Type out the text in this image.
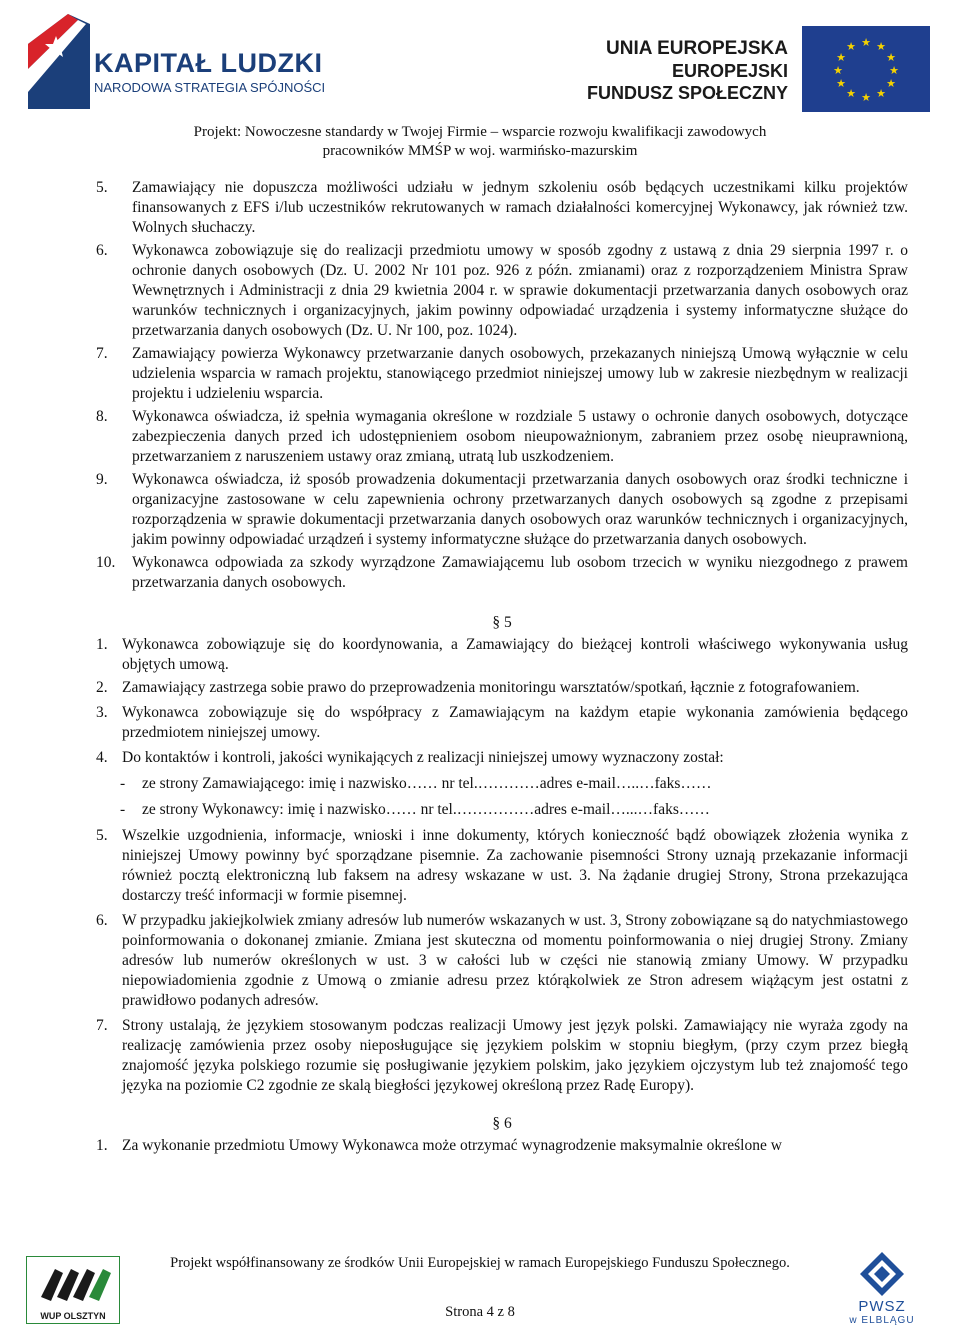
KAPITAŁ LUDZKI
NARODOWA STRATEGIA SPÓJNOŚCI
UNIA EUROPEJSKA
EUROPEJSKI
FUNDUSZ SPOŁECZNY
★ ★
★
★
★
★
★
★
★
★
★
★
Projekt: Nowoczesne standardy w Twojej Firmie – wsparcie rozwoju kwalifikacji zawodowych
pracowników MMŚP w woj. warmińsko-mazurskim
5. Zamawiający nie dopuszcza możliwości udziału w jednym szkoleniu osób będących uczestnikami kilku projektów finansowanych z EFS i/lub uczestników rekrutowanych w ramach działalności komercyjnej Wykonawcy, jak również tzw. Wolnych słuchaczy.
6. Wykonawca zobowiązuje się do realizacji przedmiotu umowy w sposób zgodny z ustawą z dnia 29 sierpnia 1997 r. o ochronie danych osobowych (Dz. U. 2002 Nr 101 poz. 926 z późn. zmianami) oraz z rozporządzeniem Ministra Spraw Wewnętrznych i Administracji z dnia 29 kwietnia 2004 r. w sprawie dokumentacji przetwarzania danych osobowych oraz warunków technicznych i organizacyjnych, jakim powinny odpowiadać urządzenia i systemy informatyczne służące do przetwarzania danych osobowych (Dz. U. Nr 100, poz. 1024).
7. Zamawiający powierza Wykonawcy przetwarzanie danych osobowych, przekazanych niniejszą Umową wyłącznie w celu udzielenia wsparcia w ramach projektu, stanowiącego przedmiot niniejszej umowy lub w zakresie niezbędnym w realizacji projektu i udzieleniu wsparcia.
8. Wykonawca oświadcza, iż spełnia wymagania określone w rozdziale 5 ustawy o ochronie danych osobowych, dotyczące zabezpieczenia danych przed ich udostępnieniem osobom nieupoważnionym, zabraniem przez osobę nieuprawnioną, przetwarzaniem z naruszeniem ustawy oraz zmianą, utratą lub uszkodzeniem.
9. Wykonawca oświadcza, iż sposób prowadzenia dokumentacji przetwarzania danych osobowych oraz środki techniczne i organizacyjne zastosowane w celu zapewnienia ochrony przetwarzanych danych osobowych są zgodne z przepisami rozporządzenia w sprawie dokumentacji przetwarzania danych osobowych oraz warunków technicznych i organizacyjnych, jakim powinny odpowiadać urządzeń i systemy informatyczne służące do przetwarzania danych osobowych.
10. Wykonawca odpowiada za szkody wyrządzone Zamawiającemu lub osobom trzecich w wyniku niezgodnego z prawem przetwarzania danych osobowych.
§ 5
1. Wykonawca zobowiązuje się do koordynowania, a Zamawiający do bieżącej kontroli właściwego wykonywania usług objętych umową.
2. Zamawiający zastrzega sobie prawo do przeprowadzenia monitoringu warsztatów/spotkań, łącznie z fotografowaniem.
3. Wykonawca zobowiązuje się do współpracy z Zamawiającym na każdym etapie wykonania zamówienia będącego przedmiotem niniejszej umowy.
4. Do kontaktów i kontroli, jakości wynikających z realizacji niniejszej umowy wyznaczony został:
- ze strony Zamawiającego: imię i nazwisko…… nr tel.…………adres e-mail…..…faks……
- ze strony Wykonawcy: imię i nazwisko…… nr tel.……………adres e-mail…...…faks……
5. Wszelkie uzgodnienia, informacje, wnioski i inne dokumenty, których konieczność bądź obowiązek złożenia wynika z niniejszej Umowy powinny być sporządzane pisemnie. Za zachowanie pisemności Strony uznają przekazanie informacji również pocztą elektroniczną lub faksem na adresy wskazane w ust. 3. Na żądanie drugiej Strony, Strona przekazująca dostarczy treść informacji w formie pisemnej.
6. W przypadku jakiejkolwiek zmiany adresów lub numerów wskazanych w ust. 3, Strony zobowiązane są do natychmiastowego poinformowania o dokonanej zmianie. Zmiana jest skuteczna od momentu poinformowania o niej drugiej Strony. Zmiany adresów lub numerów określonych w ust. 3 w całości lub w części nie stanowią zmiany Umowy. W przypadku niepowiadomienia zgodnie z Umową o zmianie adresu przez którąkolwiek ze Stron adresem wiążącym jest ostatni z prawidłowo podanych adresów.
7. Strony ustalają, że językiem stosowanym podczas realizacji Umowy jest język polski. Zamawiający nie wyraża zgody na realizację zamówienia przez osoby nieposługujące się językiem polskim w stopniu biegłym, (przy czym przez biegłą znajomość języka polskiego rozumie się posługiwanie językiem polskim, jako językiem ojczystym lub też znajomość tego języka na poziomie C2 zgodnie ze skalą biegłości językowej określoną przez Radę Europy).
§ 6
1. Za wykonanie przedmiotu Umowy Wykonawca może otrzymać wynagrodzenie maksymalnie określone w
Projekt współfinansowany ze środków Unii Europejskiej w ramach Europejskiego Funduszu Społecznego.
WUP OLSZTYN	Strona 4 z 8	PWSZ
w ELBLĄGU
